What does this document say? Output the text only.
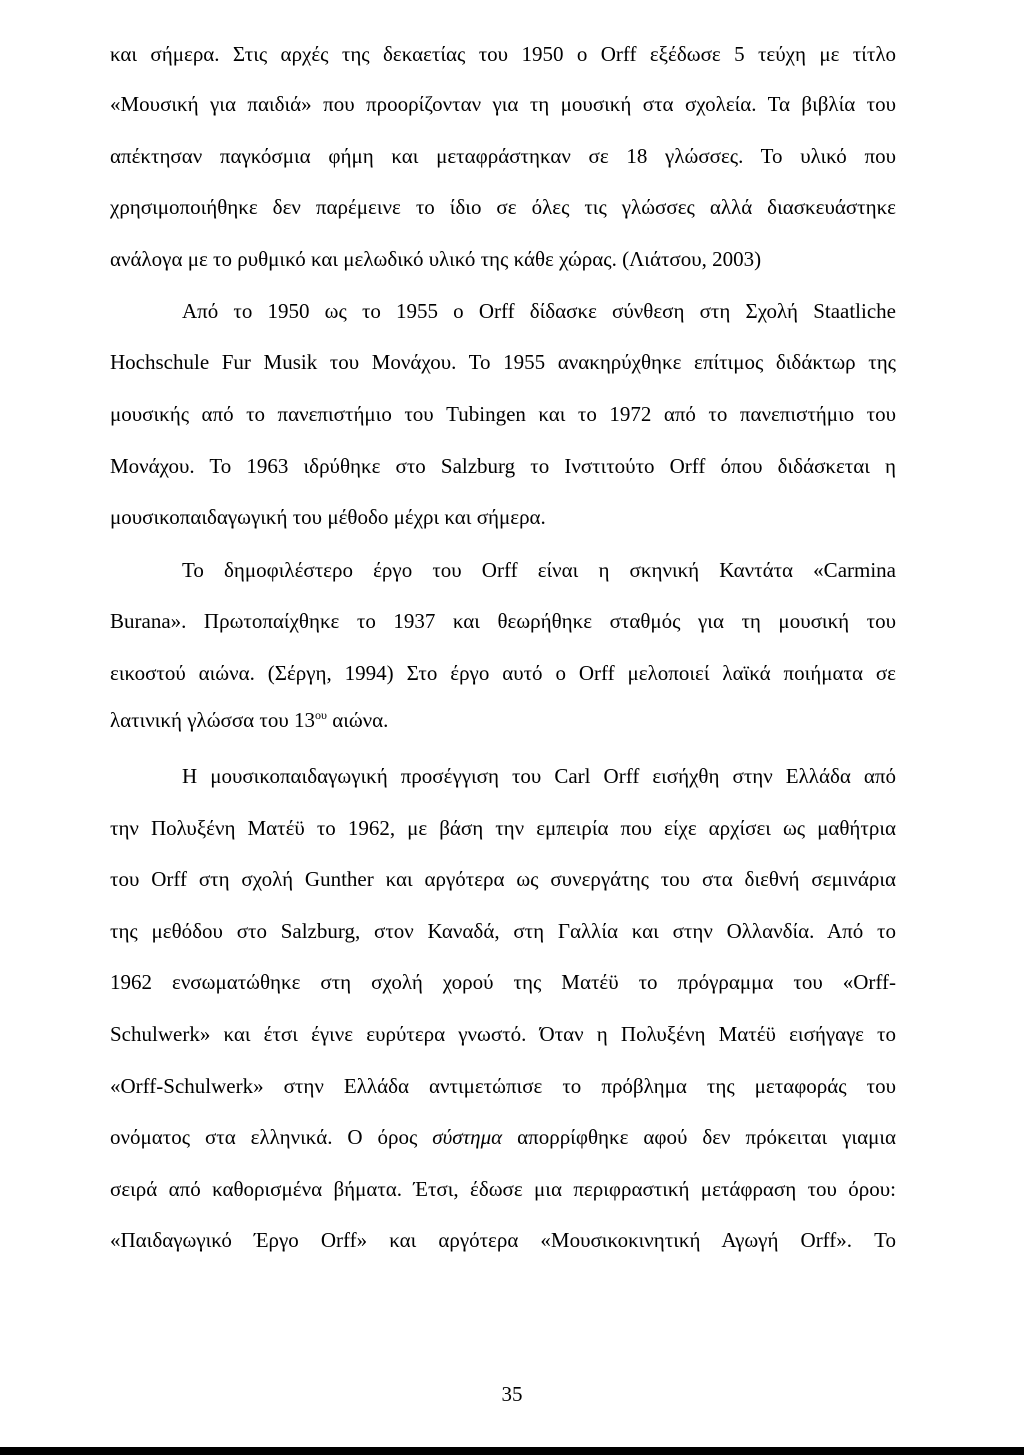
και σήμερα. Στις αρχές της δεκαετίας του 1950 ο Orff εξέδωσε 5 τεύχη με τίτλο
«Μουσική για παιδιά» που προορίζονταν για τη μουσική στα σχολεία. Τα βιβλία του
απέκτησαν παγκόσμια φήμη και μεταφράστηκαν σε 18 γλώσσες. Το υλικό που
χρησιμοποιήθηκε δεν παρέμεινε το ίδιο σε όλες τις γλώσσες αλλά διασκευάστηκε
ανάλογα με το ρυθμικό και μελωδικό υλικό της κάθε χώρας. (Λιάτσου, 2003)
Από το 1950 ως το 1955 ο Orff δίδασκε σύνθεση στη Σχολή Staatliche
Hochschule Fur Musik του Μονάχου. Το 1955 ανακηρύχθηκε επίτιμος διδάκτωρ της
μουσικής από το πανεπιστήμιο του Tubingen και το 1972 από το πανεπιστήμιο του
Μονάχου. Το 1963 ιδρύθηκε στο Salzburg το Ινστιτούτο Orff όπου διδάσκεται η
μουσικοπαιδαγωγική του μέθοδο μέχρι και σήμερα.
Το δημοφιλέστερο έργο του Orff είναι η σκηνική Καντάτα «Carmina
Burana». Πρωτοπαίχθηκε το 1937 και θεωρήθηκε σταθμός για τη μουσική του
εικοστού αιώνα. (Σέργη, 1994) Στο έργο αυτό ο Orff μελοποιεί λαϊκά ποιήματα σε
λατινική γλώσσα του $13^{o\upsilon}$ αιώνα.
Η μουσικοπαιδαγωγική προσέγγιση του Carl Orff εισήχθη στην Ελλάδα από
την Πολυξένη Ματέϋ το 1962, με βάση την εμπειρία που είχε αρχίσει ως μαθήτρια
του Orff στη σχολή Gunther και αργότερα ως συνεργάτης του στα διεθνή σεμινάρια
της μεθόδου στο Salzburg, στον Καναδά, στη Γαλλία και στην Ολλανδία. Από το
1962 ενσωματώθηκε στη σχολή χορού της Ματέϋ το πρόγραμμα του «Orff-
Schulwerk» και έτσι έγινε ευρύτερα γνωστό. Όταν η Πολυξένη Ματέϋ εισήγαγε το
«Orff-Schulwerk» στην Ελλάδα αντιμετώπισε το πρόβλημα της μεταφοράς του
ονόματος στα ελληνικά. Ο όρος σύστημα απορρίφθηκε αφού δεν πρόκειται γιαμια
σειρά από καθορισμένα βήματα. Έτσι, έδωσε μια περιφραστική μετάφραση του όρου:
«Παιδαγωγικό Έργο Orff» και αργότερα «Μουσικοκινητική Αγωγή Orff». Το
35
